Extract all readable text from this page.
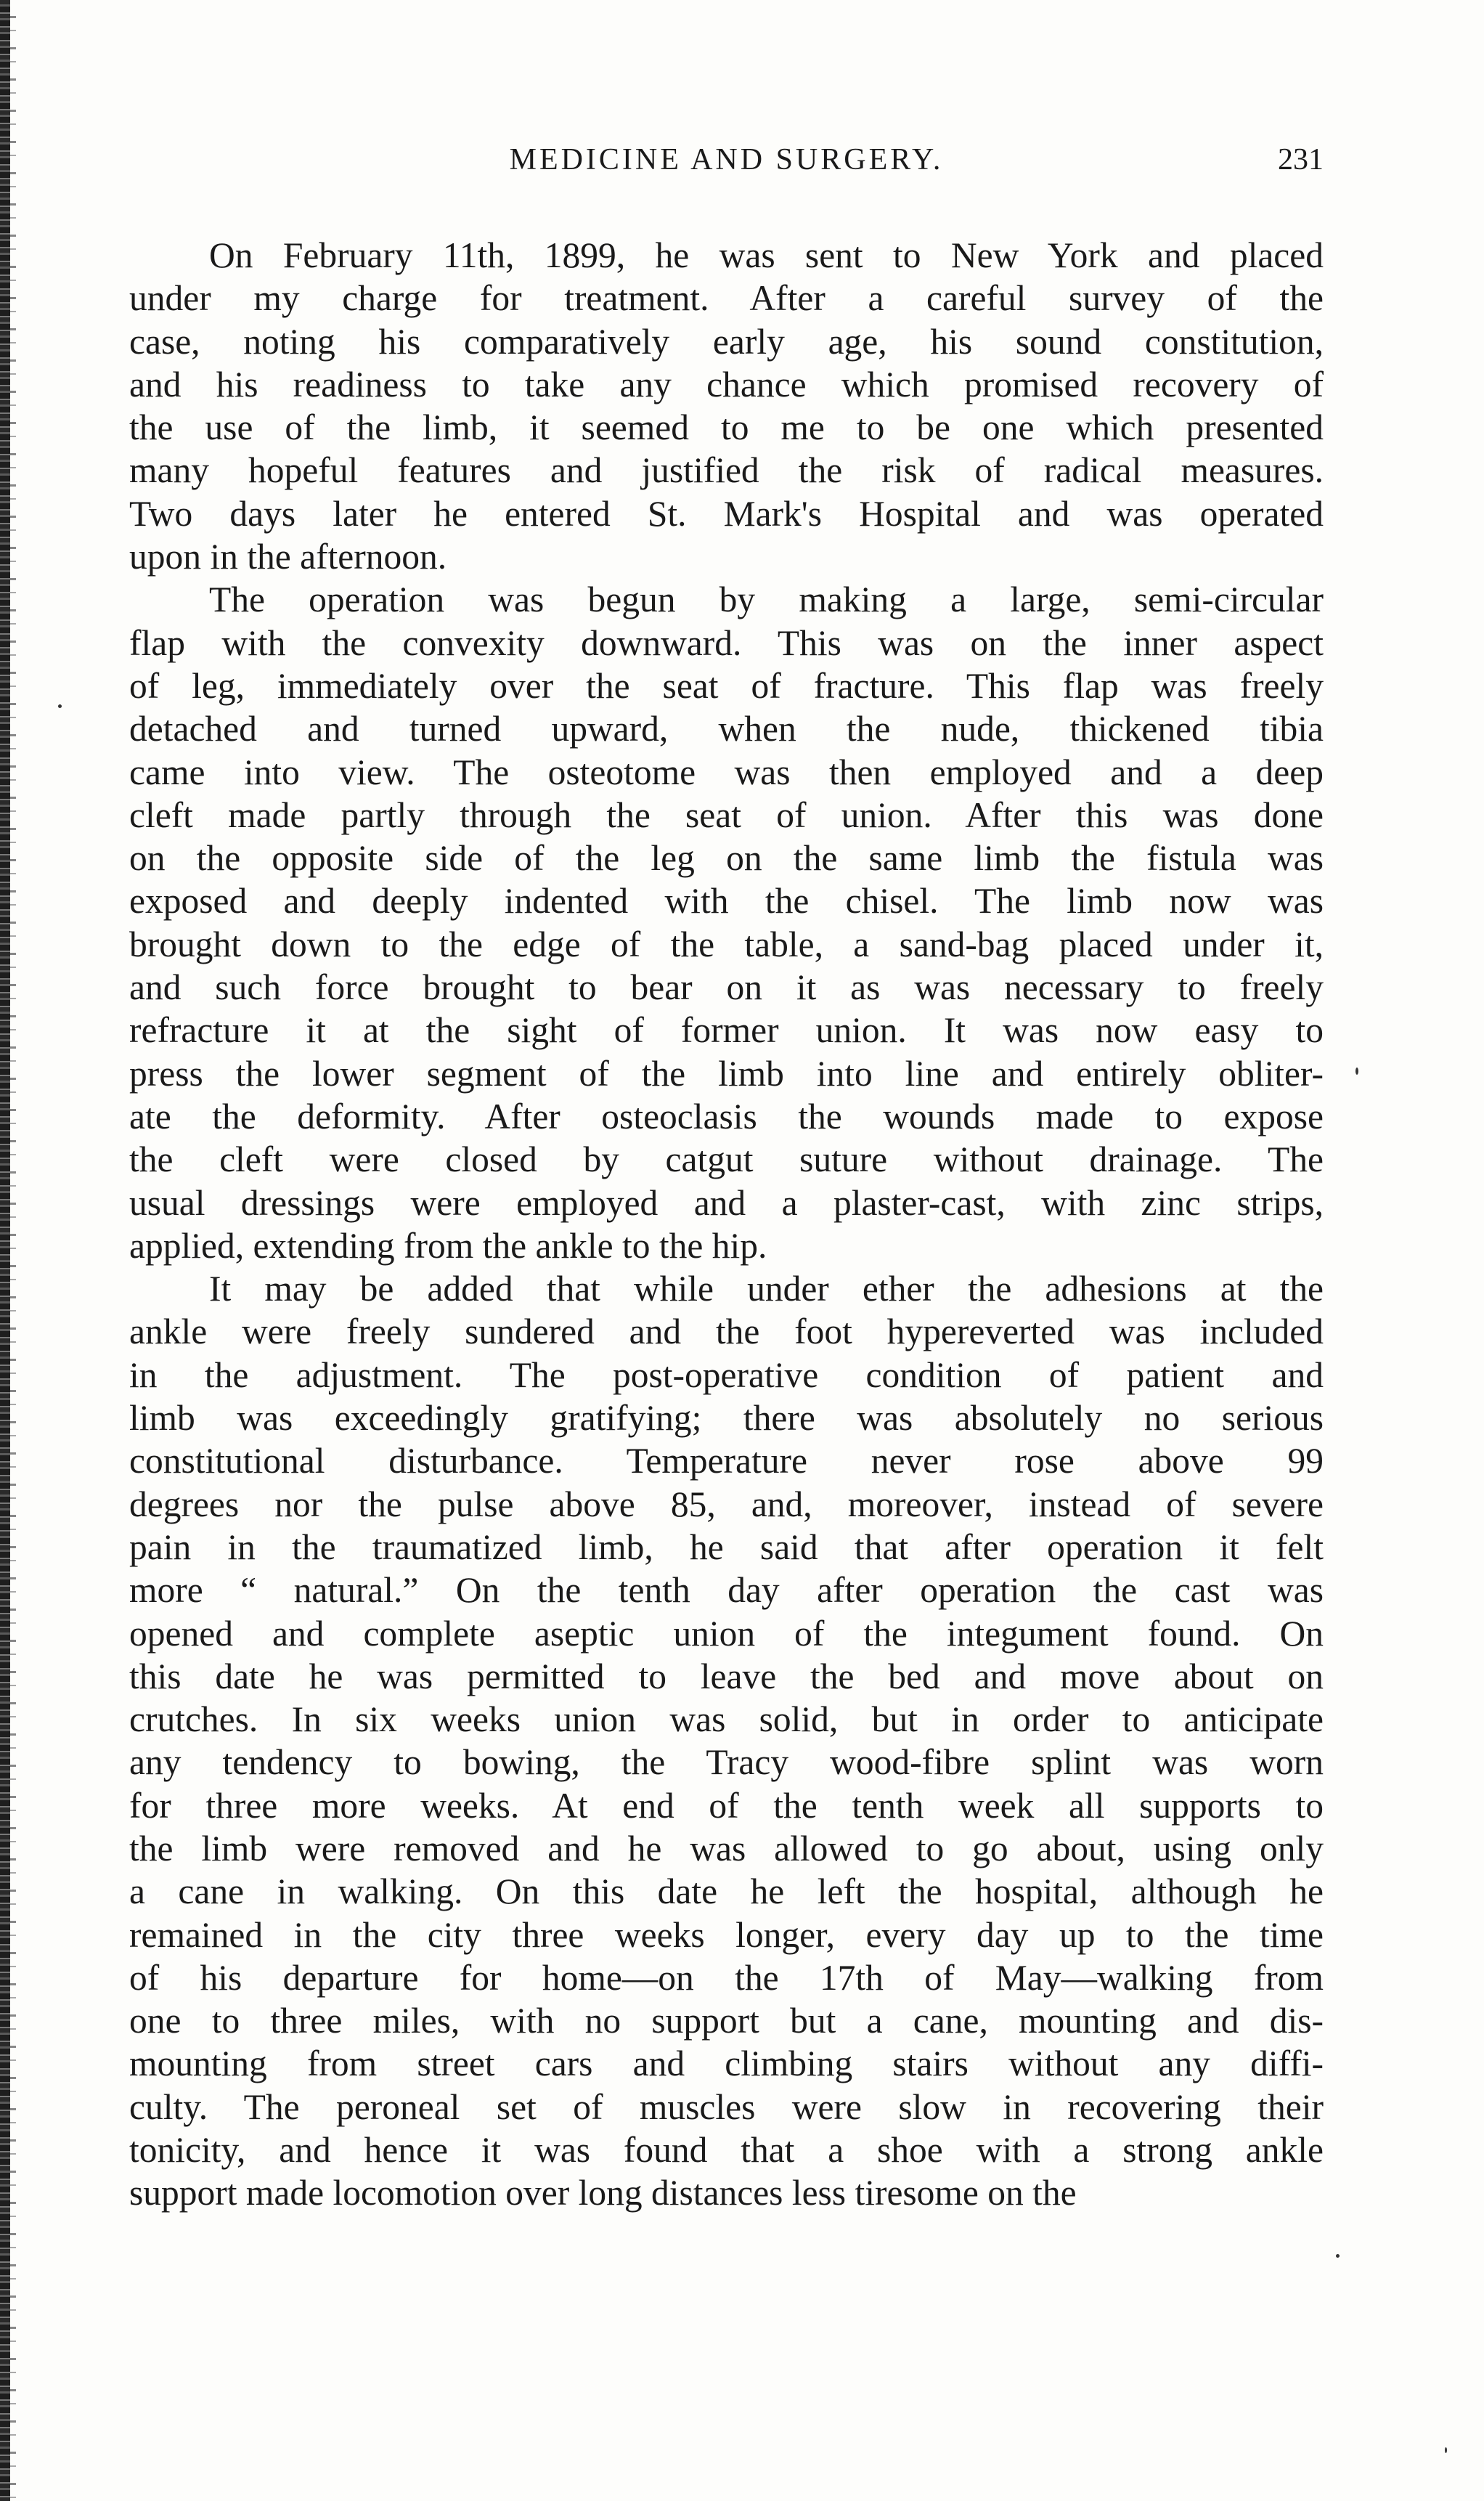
MEDICINE AND SURGERY.	231

On February 11th, 1899, he was sent to New York and placed
under my charge for treatment. After a careful survey of the
case, noting his comparatively early age, his sound constitution,
and his readiness to take any chance which promised recovery of
the use of the limb, it seemed to me to be one which presented
many hopeful features and justified the risk of radical measures.
Two days later he entered St. Mark's Hospital and was operated
upon in the afternoon.

The operation was begun by making a large, semi-circular
flap with the convexity downward. This was on the inner aspect
of leg, immediately over the seat of fracture. This flap was freely
detached and turned upward, when the nude, thickened tibia
came into view. The osteotome was then employed and a deep
cleft made partly through the seat of union. After this was done
on the opposite side of the leg on the same limb the fistula was
exposed and deeply indented with the chisel. The limb now was
brought down to the edge of the table, a sand-bag placed under it,
and such force brought to bear on it as was necessary to freely
refracture it at the sight of former union. It was now easy to
press the lower segment of the limb into line and entirely obliter-
ate the deformity. After osteoclasis the wounds made to expose
the cleft were closed by catgut suture without drainage. The
usual dressings were employed and a plaster-cast, with zinc strips,
applied, extending from the ankle to the hip.

It may be added that while under ether the adhesions at the
ankle were freely sundered and the foot hypereverted was included
in the adjustment. The post-operative condition of patient and
limb was exceedingly gratifying; there was absolutely no serious
constitutional disturbance. Temperature never rose above 99
degrees nor the pulse above 85, and, moreover, instead of severe
pain in the traumatized limb, he said that after operation it felt
more “ natural.” On the tenth day after operation the cast was
opened and complete aseptic union of the integument found. On
this date he was permitted to leave the bed and move about on
crutches. In six weeks union was solid, but in order to anticipate
any tendency to bowing, the Tracy wood-fibre splint was worn
for three more weeks. At end of the tenth week all supports to
the limb were removed and he was allowed to go about, using only
a cane in walking. On this date he left the hospital, although he
remained in the city three weeks longer, every day up to the time
of his departure for home—on the 17th of May—walking from
one to three miles, with no support but a cane, mounting and dis-
mounting from street cars and climbing stairs without any diffi-
culty. The peroneal set of muscles were slow in recovering their
tonicity, and hence it was found that a shoe with a strong ankle
support made locomotion over long distances less tiresome on the
